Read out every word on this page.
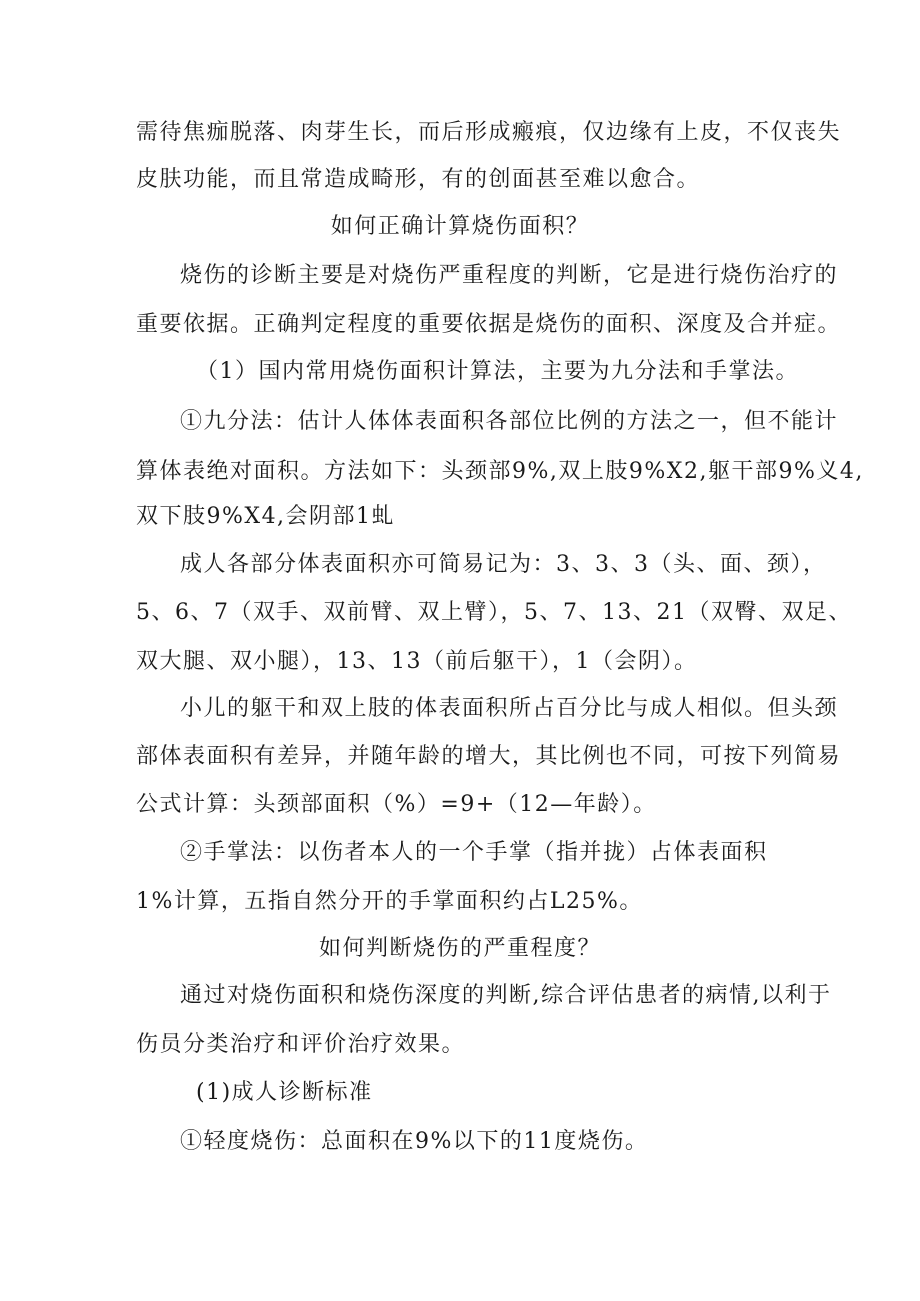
需待焦痂脱落、肉芽生长，而后形成瘢痕，仅边缘有上皮，不仅丧失
皮肤功能，而且常造成畸形，有的创面甚至难以愈合。
如何正确计算烧伤面积？
烧伤的诊断主要是对烧伤严重程度的判断，它是进行烧伤治疗的
重要依据。正确判定程度的重要依据是烧伤的面积、深度及合并症。
（1）国内常用烧伤面积计算法，主要为九分法和手掌法。
①九分法：估计人体体表面积各部位比例的方法之一，但不能计
算体表绝对面积。方法如下：头颈部9%,双上肢9%X2,躯干部9%义4,
双下肢9%X4,会阴部1虬
成人各部分体表面积亦可简易记为：3、3、3（头、面、颈），
5、6、7（双手、双前臂、双上臂），5、7、13、21（双臀、双足、
双大腿、双小腿），13、13（前后躯干），1（会阴）。
小儿的躯干和双上肢的体表面积所占百分比与成人相似。但头颈
部体表面积有差异，并随年龄的增大，其比例也不同，可按下列简易
公式计算：头颈部面积（%）=9+（12—年龄）。
②手掌法：以伤者本人的一个手掌（指并拢）占体表面积
1%计算，五指自然分开的手掌面积约占L25%。
如何判断烧伤的严重程度？
通过对烧伤面积和烧伤深度的判断,综合评估患者的病情,以利于
伤员分类治疗和评价治疗效果。
(1)成人诊断标准
①轻度烧伤：总面积在9%以下的11度烧伤。
